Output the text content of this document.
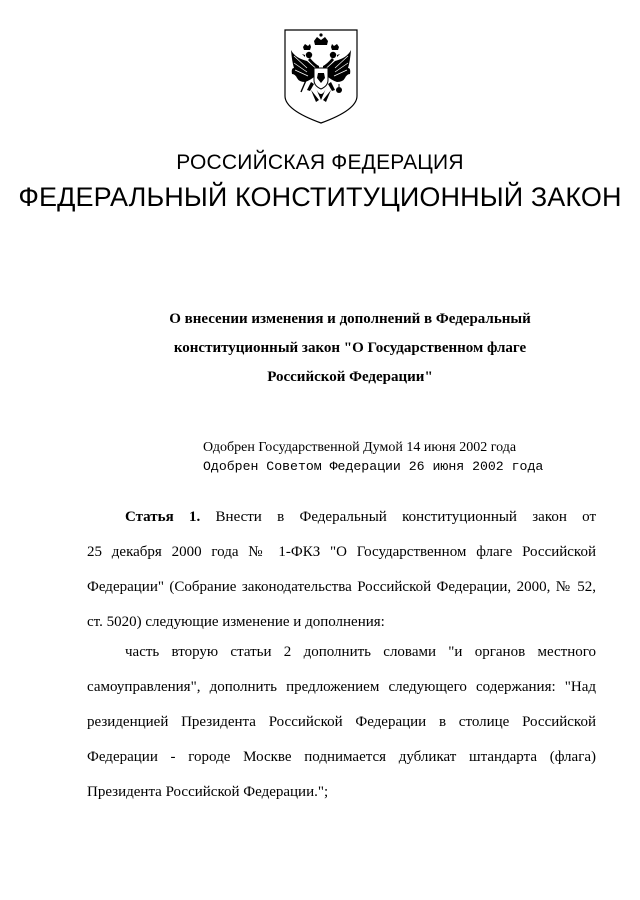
РОССИЙСКАЯ ФЕДЕРАЦИЯ
ФЕДЕРАЛЬНЫЙ КОНСТИТУЦИОННЫЙ ЗАКОН
О внесении изменения и дополнений в Федеральный
конституционный закон "О Государственном флаге
Российской Федерации"
Одобрен Государственной Думой 14 июня 2002 года
Одобрен Советом Федерации 26 июня 2002 года
Статья 1. Внести в Федеральный конституционный закон от
25 декабря 2000 года № 1-ФКЗ "О Государственном флаге Российской
Федерации" (Собрание законодательства Российской Федерации, 2000, № 52,
ст. 5020) следующие изменение и дополнения:
часть вторую статьи 2 дополнить словами "и органов местного
самоуправления", дополнить предложением следующего содержания: "Над
резиденцией Президента Российской Федерации в столице Российской
Федерации - городе Москве поднимается дубликат штандарта (флага)
Президента Российской Федерации.";
